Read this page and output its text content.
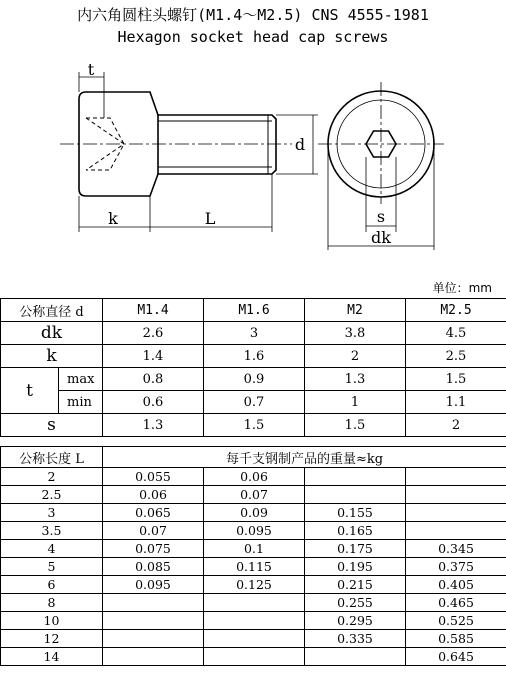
内六角圆柱头螺钉(M1.4～M2.5) CNS 4555-1981
Hexagon socket head cap screws
t
k	L
d
s
dk
单位：mm
公称直径 d		M1.4	M1.6	M2	M2.5
dk		2.6	3	3.8	4.5
k		1.4	1.6	2	2.5
t	max	0.8	0.9	1.3	1.5
	min	0.6	0.7	1	1.1
s		1.3	1.5	1.5	2
公称长度 L	每千支钢制产品的重量≈kg			
2	0.055	0.06		
2.5	0.06	0.07		
3	0.065	0.09	0.155	
3.5	0.07	0.095	0.165	
4	0.075	0.1	0.175	0.345
5	0.085	0.115	0.195	0.375
6	0.095	0.125	0.215	0.405
8			0.255	0.465
10			0.295	0.525
12			0.335	0.585
14				0.645
